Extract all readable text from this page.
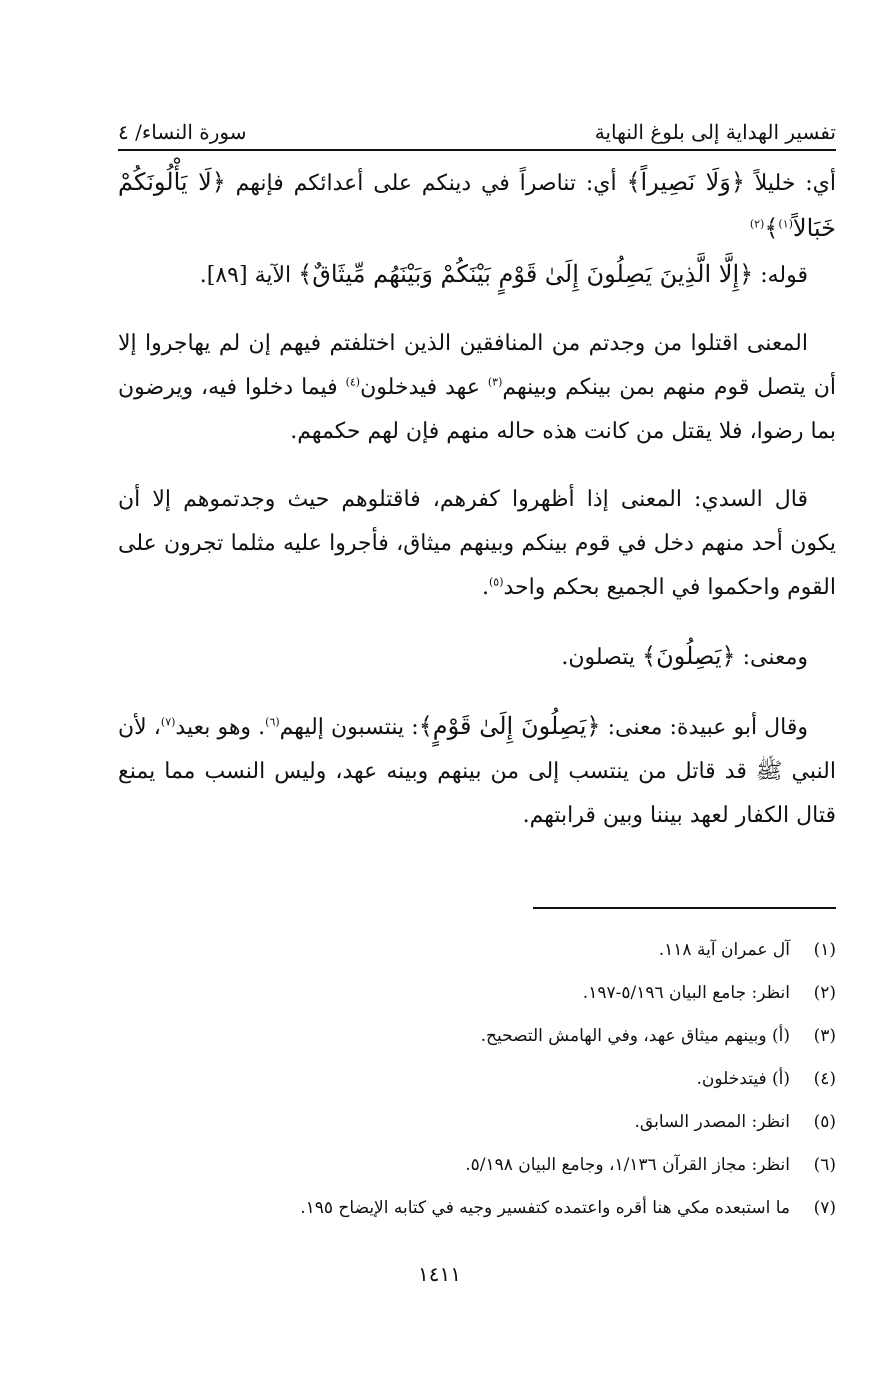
تفسير الهداية إلى بلوغ النهاية
سورة النساء/ ٤

أي: خليلاً ﴿وَلَا نَصِيراً﴾ أي: تناصراً في دينكم على أعدائكم فإنهم ﴿لَا يَأْلُونَكُمْ خَبَالاً$^{(١)}$﴾$^{(٢)}$

قوله: ﴿إِلَّا الَّذِينَ يَصِلُونَ إِلَىٰ قَوْمٍ بَيْنَكُمْ وَبَيْنَهُم مِّيثَاقٌ﴾ الآية [٨٩].

المعنى اقتلوا من وجدتم من المنافقين الذين اختلفتم فيهم إن لم يهاجروا إلا أن يتصل قوم منهم بمن بينكم وبينهم$^{(٣)}$ عهد فيدخلون$^{(٤)}$ فيما دخلوا فيه، ويرضون بما رضوا، فلا يقتل من كانت هذه حاله منهم فإن لهم حكمهم.

قال السدي: المعنى إذا أظهروا كفرهم، فاقتلوهم حيث وجدتموهم إلا أن يكون أحد منهم دخل في قوم بينكم وبينهم ميثاق، فأجروا عليه مثلما تجرون على القوم واحكموا في الجميع بحكم واحد$^{(٥)}$.

ومعنى: ﴿يَصِلُونَ﴾ يتصلون.

وقال أبو عبيدة: معنى: ﴿يَصِلُونَ إِلَىٰ قَوْمٍ﴾: ينتسبون إليهم$^{(٦)}$. وهو بعيد$^{(٧)}$، لأن النبي ﷺ قد قاتل من ينتسب إلى من بينهم وبينه عهد، وليس النسب مما يمنع قتال الكفار لعهد بيننا وبين قرابتهم.

(١)
آل عمران آية ١١٨.
(٢)
انظر: جامع البيان ٥/١٩٦-١٩٧.
(٣)
(أ) وبينهم ميثاق عهد، وفي الهامش التصحيح.
(٤)
(أ) فيتدخلون.
(٥)
انظر: المصدر السابق.
(٦)
انظر: مجاز القرآن ١/١٣٦، وجامع البيان ٥/١٩٨.
(٧)
ما استبعده مكي هنا أقره واعتمده كتفسير وجيه في كتابه الإيضاح ١٩٥.
١٤١١
